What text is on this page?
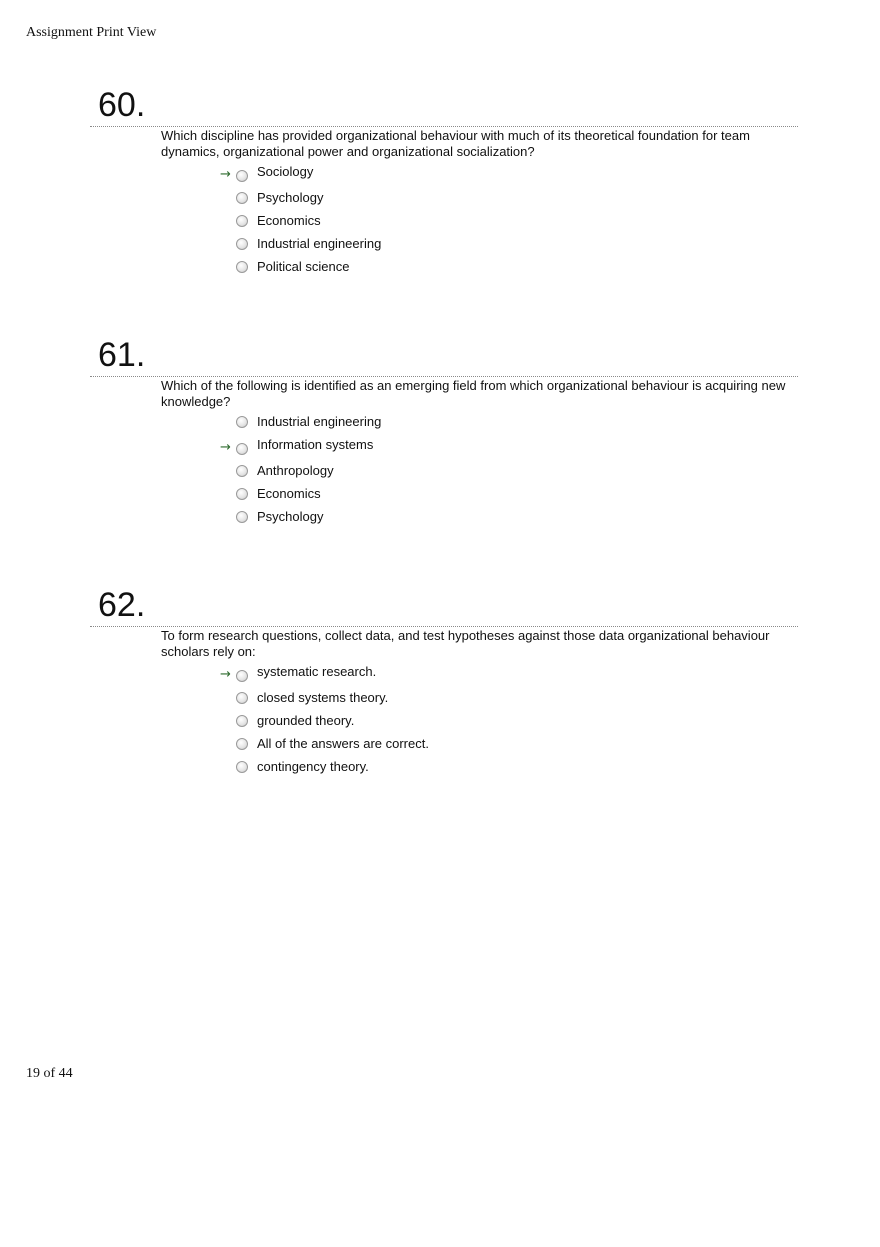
Assignment Print View
60.
Which discipline has provided organizational behaviour with much of its theoretical foundation for team dynamics, organizational power and organizational socialization?
→ Sociology
Psychology
Economics
Industrial engineering
Political science
61.
Which of the following is identified as an emerging field from which organizational behaviour is acquiring new knowledge?
Industrial engineering
→ Information systems
Anthropology
Economics
Psychology
62.
To form research questions, collect data, and test hypotheses against those data organizational behaviour scholars rely on:
→ systematic research.
closed systems theory.
grounded theory.
All of the answers are correct.
contingency theory.
19 of 44
